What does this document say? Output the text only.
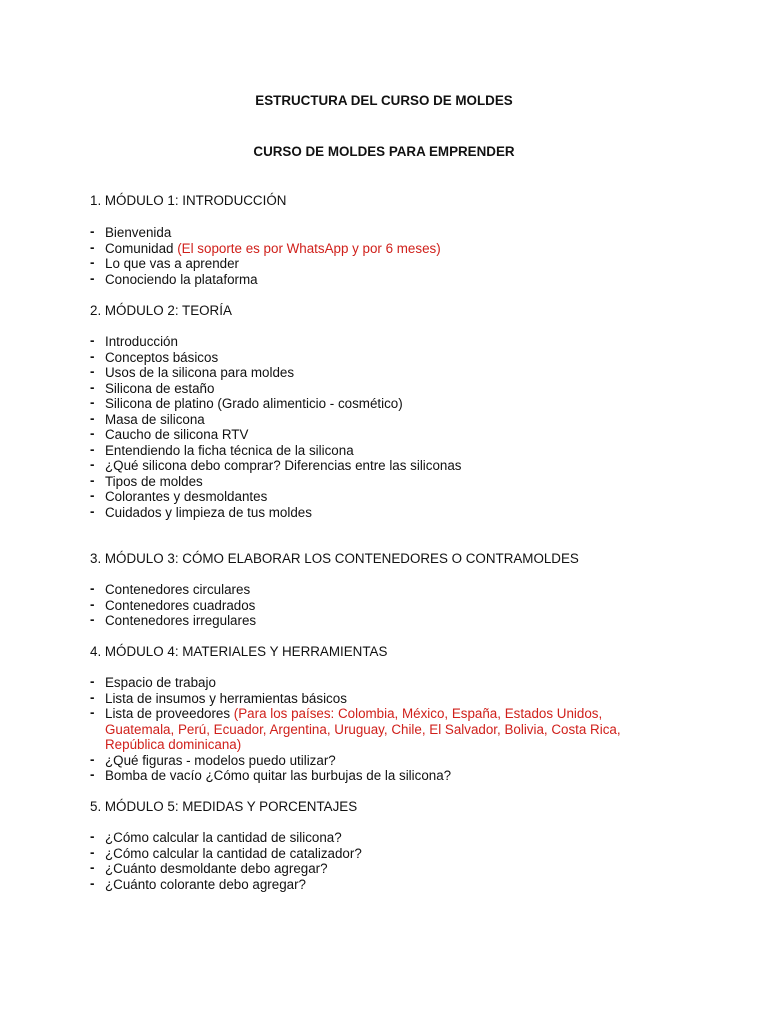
ESTRUCTURA DEL CURSO DE MOLDES
CURSO DE MOLDES PARA EMPRENDER
1. MÓDULO 1: INTRODUCCIÓN
- Bienvenida
- Comunidad (El soporte es por WhatsApp y por 6 meses)
- Lo que vas a aprender
- Conociendo la plataforma
2. MÓDULO 2: TEORÍA
- Introducción
- Conceptos básicos
- Usos de la silicona para moldes
- Silicona de estaño
- Silicona de platino (Grado alimenticio - cosmético)
- Masa de silicona
- Caucho de silicona RTV
- Entendiendo la ficha técnica de la silicona
- ¿Qué silicona debo comprar? Diferencias entre las siliconas
- Tipos de moldes
- Colorantes y desmoldantes
- Cuidados y limpieza de tus moldes
3. MÓDULO 3: CÓMO ELABORAR LOS CONTENEDORES O CONTRAMOLDES
- Contenedores circulares
- Contenedores cuadrados
- Contenedores irregulares
4. MÓDULO 4: MATERIALES Y HERRAMIENTAS
- Espacio de trabajo
- Lista de insumos y herramientas básicos
- Lista de proveedores (Para los países: Colombia, México, España, Estados Unidos, Guatemala, Perú, Ecuador, Argentina, Uruguay, Chile, El Salvador, Bolivia, Costa Rica, República dominicana)
- ¿Qué figuras - modelos puedo utilizar?
- Bomba de vacío ¿Cómo quitar las burbujas de la silicona?
5. MÓDULO 5: MEDIDAS Y PORCENTAJES
- ¿Cómo calcular la cantidad de silicona?
- ¿Cómo calcular la cantidad de catalizador?
- ¿Cuánto desmoldante debo agregar?
- ¿Cuánto colorante debo agregar?
